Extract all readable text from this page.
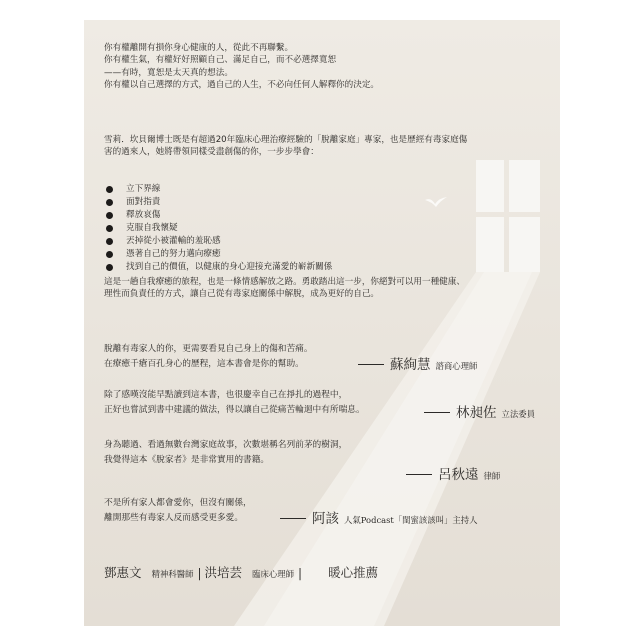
你有權離開有損你身心健康的人，從此不再聯繫。
你有權生氣，有權好好照顧自己、滿足自己，而不必選擇寬恕
——有時，寬恕是太天真的想法。
你有權以自己選擇的方式，過自己的人生，不必向任何人解釋你的決定。
雪莉．坎貝爾博士既是有超過20年臨床心理治療經驗的「脫離家庭」專家，也是歷經有毒家庭傷
害的過來人，她將帶領同樣受盡創傷的你，一步步學會：
立下界線
面對指責
釋放哀傷
克服自我懷疑
丟掉從小被灌輸的羞恥感
憑著自己的努力邁向療癒
找到自己的價值，以健康的身心迎接充滿愛的嶄新關係
這是一趟自我療癒的旅程，也是一條情感解放之路。勇敢踏出這一步，你絕對可以用一種健康、
理性而負責任的方式，讓自己從有毒家庭關係中解脫，成為更好的自己。
脫離有毒家人的你，更需要看見自己身上的傷和苦痛。
在療癒千瘡百孔身心的歷程，這本書會是你的幫助。	蘇絢慧 諮商心理師
除了感嘆沒能早點讀到這本書，也很慶幸自己在掙扎的過程中，
正好也嘗試到書中建議的做法，得以讓自己從痛苦輪迴中有所喘息。	林昶佐 立法委員
身為聽過、看過無數台灣家庭故事，次數堪稱名列前茅的樹洞，
我覺得這本《脫家者》是非常實用的書籍。
呂秋遠 律師
不是所有家人都會愛你，但沒有關係，
離開那些有毒家人反而感受更多愛。	阿該 人氣Podcast「閨蜜該該叫」主持人
鄧惠文 精神科醫師 | 洪培芸 臨床心理師 | 暖心推薦
